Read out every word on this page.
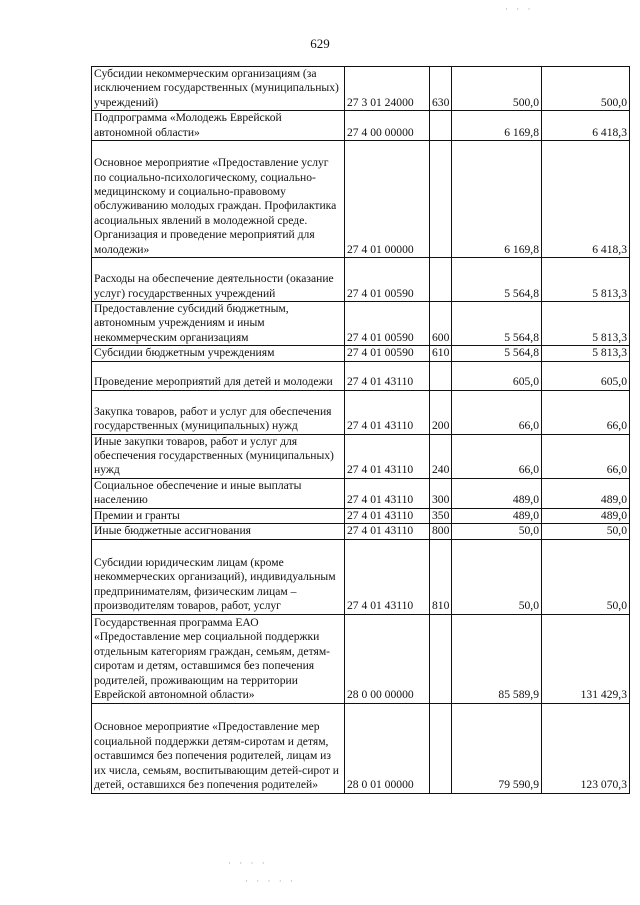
629
Субсидии некоммерческим организациям (за исключением государственных (муниципальных) учреждений)	27 3 01 24000	630	500,0	500,0
Подпрограмма «Молодежь Еврейской автономной области»	27 4 00 00000		6 169,8	6 418,3
Основное мероприятие «Предоставление услуг по социально-психологическому, социально-медицинскому и социально-правовому обслуживанию молодых граждан. Профилактика асоциальных явлений в молодежной среде. Организация и проведение мероприятий для молодежи»	27 4 01 00000		6 169,8	6 418,3
Расходы на обеспечение деятельности (оказание услуг) государственных учреждений	27 4 01 00590		5 564,8	5 813,3
Предоставление субсидий бюджетным, автономным учреждениям и иным некоммерческим организациям	27 4 01 00590	600	5 564,8	5 813,3
Субсидии бюджетным учреждениям	27 4 01 00590	610	5 564,8	5 813,3
Проведение мероприятий для детей и молодежи	27 4 01 43110		605,0	605,0
Закупка товаров, работ и услуг для обеспечения государственных (муниципальных) нужд	27 4 01 43110	200	66,0	66,0
Иные закупки товаров, работ и услуг для обеспечения государственных (муниципальных) нужд	27 4 01 43110	240	66,0	66,0
Социальное обеспечение и иные выплаты населению	27 4 01 43110	300	489,0	489,0
Премии и гранты	27 4 01 43110	350	489,0	489,0
Иные бюджетные ассигнования	27 4 01 43110	800	50,0	50,0
Субсидии юридическим лицам (кроме некоммерческих организаций), индивидуальным предпринимателям, физическим лицам – производителям товаров, работ, услуг	27 4 01 43110	810	50,0	50,0
Государственная программа ЕАО «Предоставление мер социальной поддержки отдельным категориям граждан, семьям, детям-сиротам и детям, оставшимся без попечения родителей, проживающим на территории Еврейской автономной области»	28 0 00 00000		85 589,9	131 429,3
Основное мероприятие «Предоставление мер социальной поддержки детям-сиротам и детям, оставшимся без попечения родителей, лицам из их числа, семьям, воспитывающим детей-сирот и детей, оставшихся без попечения родителей»	28 0 01 00000		79 590,9	123 070,3
· · ·
· · · ·
· · · · ·
